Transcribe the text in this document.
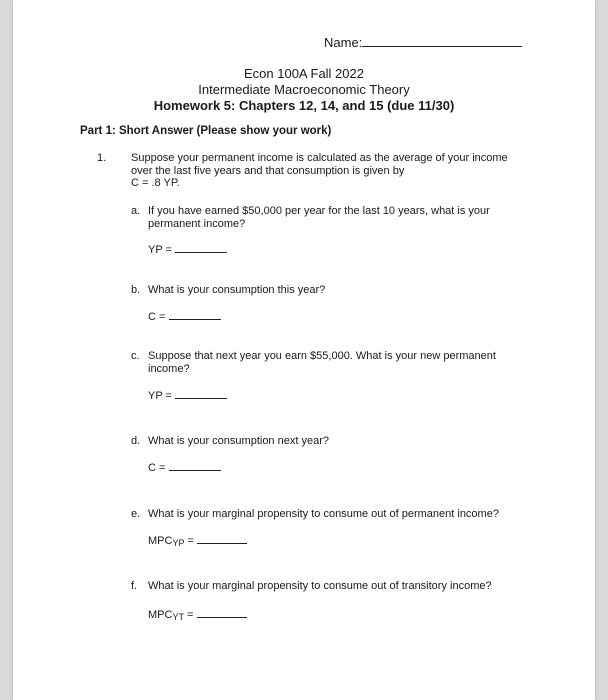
Name:
Econ 100A Fall 2022
Intermediate Macroeconomic Theory
Homework 5: Chapters 12, 14, and 15 (due 11/30)
Part 1: Short Answer (Please show your work)
1. Suppose your permanent income is calculated as the average of your income
over the last five years and that consumption is given by
C = .8 YP.
a. If you have earned $50,000 per year for the last 10 years, what is your
permanent income?
YP =
b. What is your consumption this year?
C =
c. Suppose that next year you earn $55,000. What is your new permanent
income?
YP =
d. What is your consumption next year?
C =
e. What is your marginal propensity to consume out of permanent income?
$MPC_{YP}$ =
f. What is your marginal propensity to consume out of transitory income?
$MPC_{YT}$ =
